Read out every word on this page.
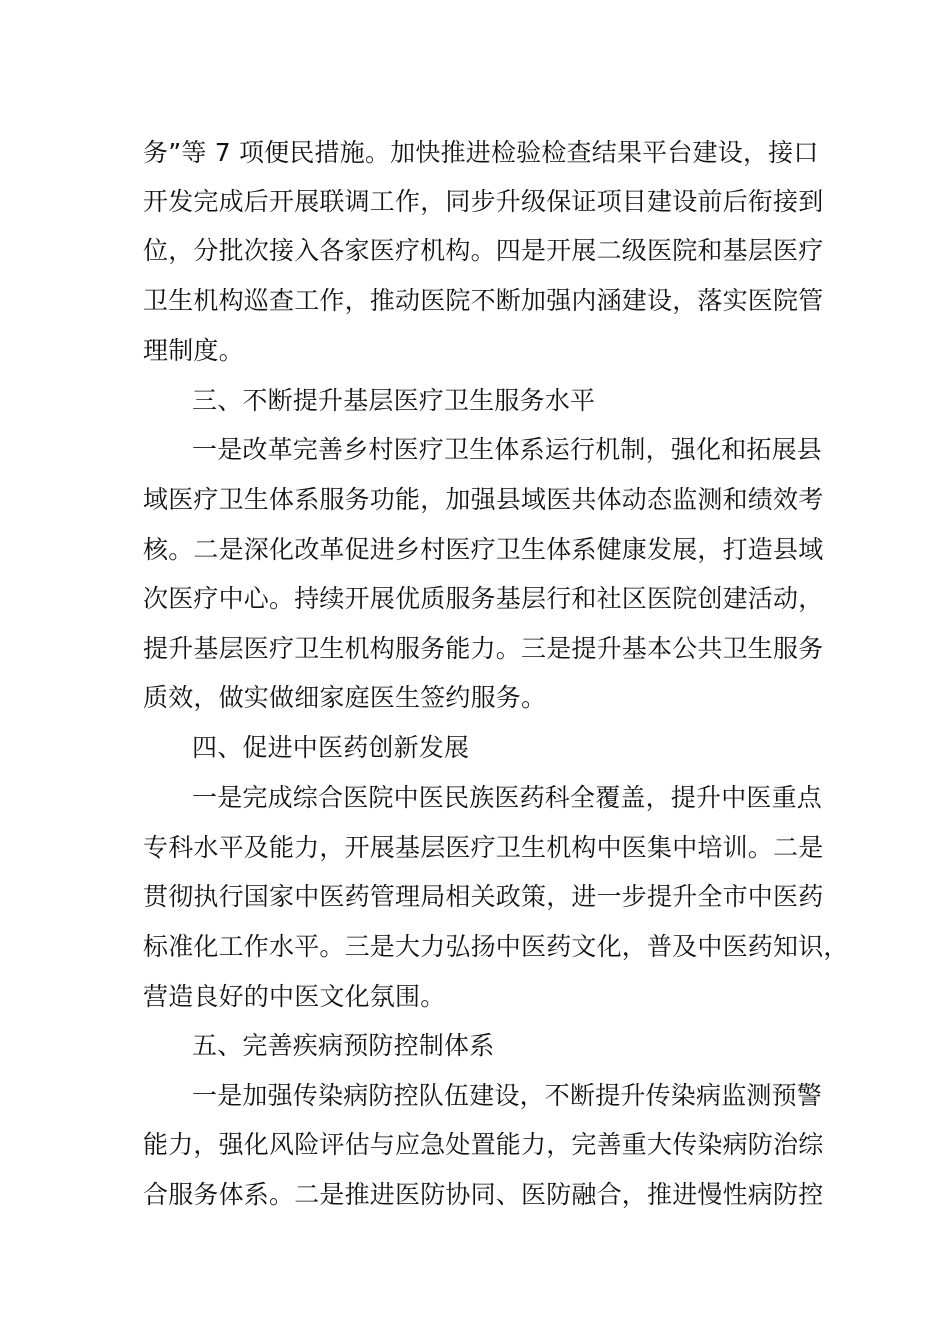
务”等 7 项便民措施。加快推进检验检查结果平台建设，接口
开发完成后开展联调工作，同步升级保证项目建设前后衔接到
位，分批次接入各家医疗机构。四是开展二级医院和基层医疗
卫生机构巡查工作，推动医院不断加强内涵建设，落实医院管
理制度。
三、不断提升基层医疗卫生服务水平
一是改革完善乡村医疗卫生体系运行机制，强化和拓展县
域医疗卫生体系服务功能，加强县域医共体动态监测和绩效考
核。二是深化改革促进乡村医疗卫生体系健康发展，打造县域
次医疗中心。持续开展优质服务基层行和社区医院创建活动，
提升基层医疗卫生机构服务能力。三是提升基本公共卫生服务
质效，做实做细家庭医生签约服务。
四、促进中医药创新发展
一是完成综合医院中医民族医药科全覆盖，提升中医重点
专科水平及能力，开展基层医疗卫生机构中医集中培训。二是
贯彻执行国家中医药管理局相关政策，进一步提升全市中医药
标准化工作水平。三是大力弘扬中医药文化，普及中医药知识，
营造良好的中医文化氛围。
五、完善疾病预防控制体系
一是加强传染病防控队伍建设，不断提升传染病监测预警
能力，强化风险评估与应急处置能力，完善重大传染病防治综
合服务体系。二是推进医防协同、医防融合，推进慢性病防控
